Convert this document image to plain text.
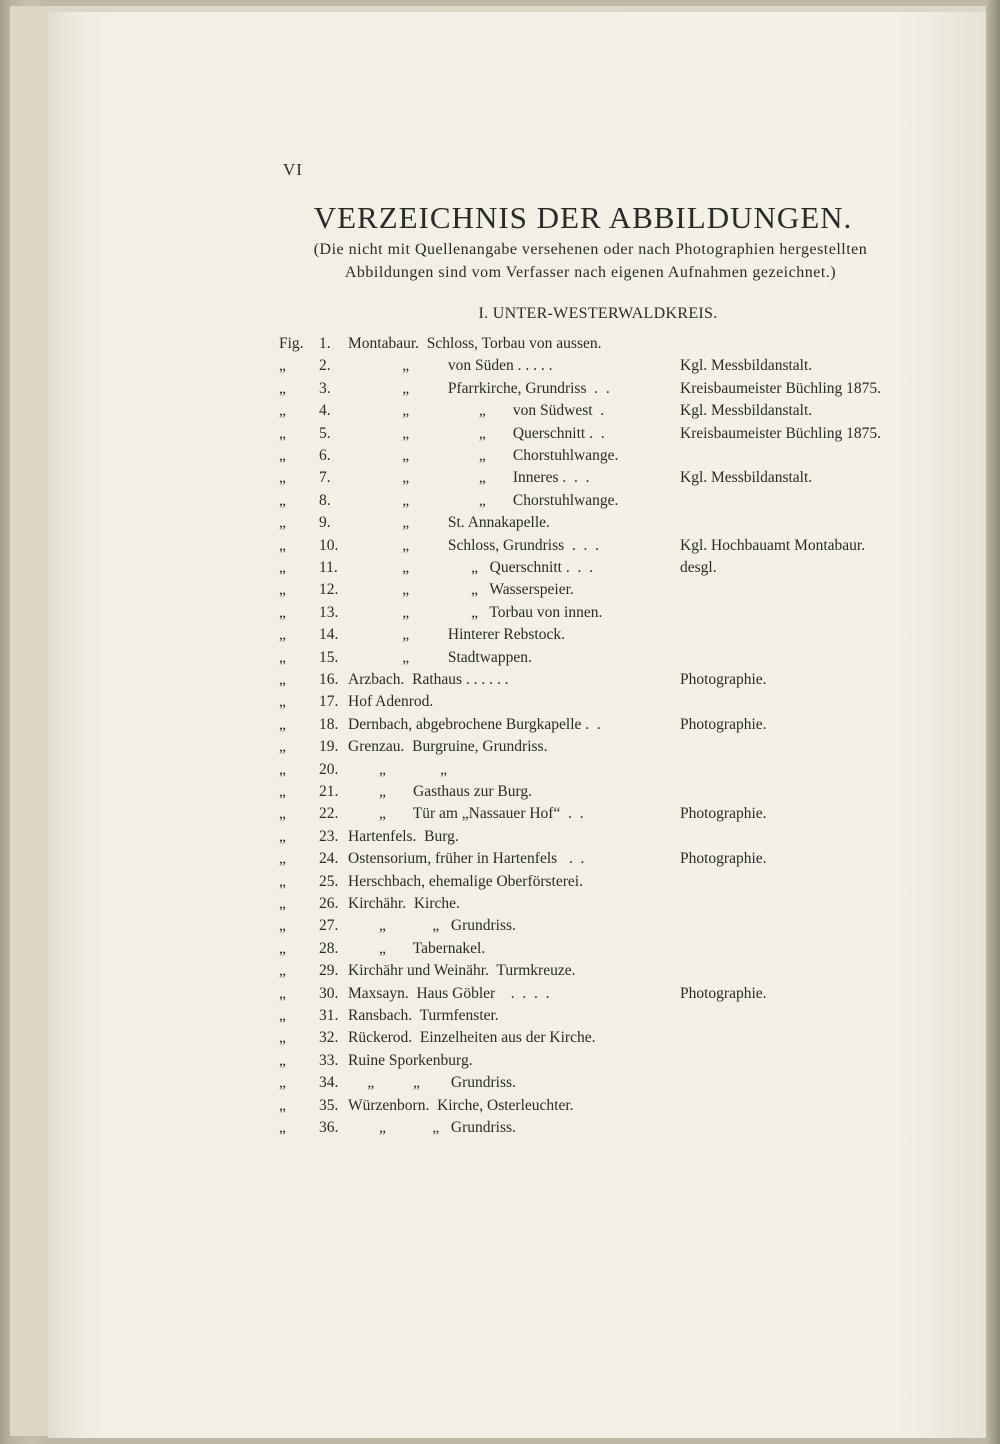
VI
VERZEICHNIS DER ABBILDUNGEN.
(Die nicht mit Quellenangabe versehenen oder nach Photographien hergestellten
Abbildungen sind vom Verfasser nach eigenen Aufnahmen gezeichnet.)
I. UNTER-WESTERWALDKREIS.
Fig. 1. Montabaur.  Schloss, Torbau von aussen.
„ 2. „          von Süden . . . . .	Kgl. Messbildanstalt.
„ 3. „          Pfarrkirche, Grundriss  .  .	Kreisbaumeister Büchling 1875.
„ 4. „                  „       von Südwest  .	Kgl. Messbildanstalt.
„ 5. „                  „       Querschnitt .  .	Kreisbaumeister Büchling 1875.
„ 6. „                  „       Chorstuhlwange.
„ 7. „                  „       Inneres .  .  .	Kgl. Messbildanstalt.
„ 8. „                  „       Chorstuhlwange.
„ 9. „          St. Annakapelle.
„ 10. „          Schloss, Grundriss  .  .  .	Kgl. Hochbauamt Montabaur.
„ 11. „                „   Querschnitt .  .  .	desgl.
„ 12. „                „   Wasserspeier.
„ 13. „                „   Torbau von innen.
„ 14. „          Hinterer Rebstock.
„ 15. „          Stadtwappen.
„ 16. Arzbach.  Rathaus . . . . . .	Photographie.
„ 17. Hof Adenrod.
„ 18. Dernbach, abgebrochene Burgkapelle .  .	Photographie.
„ 19. Grenzau.  Burgruine, Grundriss.
„ 20. „              „
„ 21. „       Gasthaus zur Burg.
„ 22. „       Tür am „Nassauer Hof“  .  .	Photographie.
„ 23. Hartenfels.  Burg.
„ 24. Ostensorium, früher in Hartenfels   .  .	Photographie.
„ 25. Herschbach, ehemalige Oberförsterei.
„ 26. Kirchähr.  Kirche.
„ 27. „            „   Grundriss.
„ 28. „       Tabernakel.
„ 29. Kirchähr und Weinähr.  Turmkreuze.
„ 30. Maxsayn.  Haus Göbler    .  .  .  .	Photographie.
„ 31. Ransbach.  Turmfenster.
„ 32. Rückerod.  Einzelheiten aus der Kirche.
„ 33. Ruine Sporkenburg.
„ 34. „          „        Grundriss.
„ 35. Würzenborn.  Kirche, Osterleuchter.
„ 36. „            „   Grundriss.
